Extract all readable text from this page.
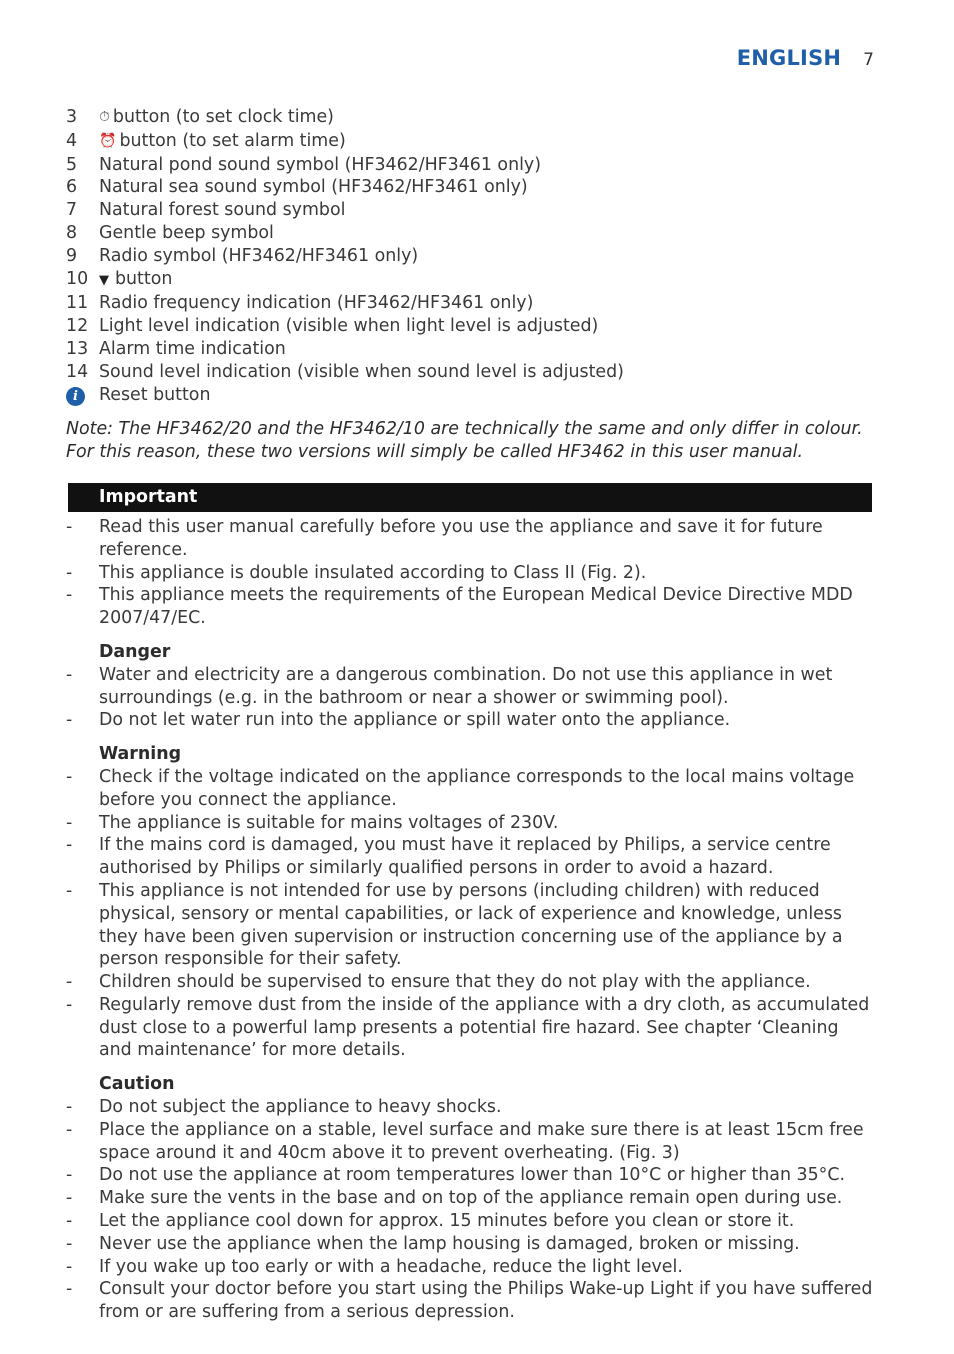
ENGLISH 7
3	⏱ button (to set clock time)
4	⏰ button (to set alarm time)
5	Natural pond sound symbol (HF3462/HF3461 only)
6	Natural sea sound symbol (HF3462/HF3461 only)
7	Natural forest sound symbol
8	Gentle beep symbol
9	Radio symbol (HF3462/HF3461 only)
10 ▼ button
11 Radio frequency indication (HF3462/HF3461 only)
12 Light level indication (visible when light level is adjusted)
13 Alarm time indication
14 Sound level indication (visible when sound level is adjusted)
i	Reset button
Note: The HF3462/20 and the HF3462/10 are technically the same and only differ in colour. For this reason, these two versions will simply be called HF3462 in this user manual.
Important
-	Read this user manual carefully before you use the appliance and save it for future reference.
-	This appliance is double insulated according to Class II (Fig. 2).
-	This appliance meets the requirements of the European Medical Device Directive MDD 2007/47/EC.
Danger
-	Water and electricity are a dangerous combination. Do not use this appliance in wet surroundings (e.g. in the bathroom or near a shower or swimming pool).
-	Do not let water run into the appliance or spill water onto the appliance.
Warning
-	Check if the voltage indicated on the appliance corresponds to the local mains voltage before you connect the appliance.
-	The appliance is suitable for mains voltages of 230V.
-	If the mains cord is damaged, you must have it replaced by Philips, a service centre authorised by Philips or similarly qualified persons in order to avoid a hazard.
-	This appliance is not intended for use by persons (including children) with reduced physical, sensory or mental capabilities, or lack of experience and knowledge, unless they have been given supervision or instruction concerning use of the appliance by a person responsible for their safety.
-	Children should be supervised to ensure that they do not play with the appliance.
-	Regularly remove dust from the inside of the appliance with a dry cloth, as accumulated dust close to a powerful lamp presents a potential fire hazard. See chapter ‘Cleaning and maintenance’ for more details.
Caution
-	Do not subject the appliance to heavy shocks.
-	Place the appliance on a stable, level surface and make sure there is at least 15cm free space around it and 40cm above it to prevent overheating. (Fig. 3)
-	Do not use the appliance at room temperatures lower than 10°C or higher than 35°C.
-	Make sure the vents in the base and on top of the appliance remain open during use.
-	Let the appliance cool down for approx. 15 minutes before you clean or store it.
-	Never use the appliance when the lamp housing is damaged, broken or missing.
-	If you wake up too early or with a headache, reduce the light level.
-	Consult your doctor before you start using the Philips Wake-up Light if you have suffered from or are suffering from a serious depression.
